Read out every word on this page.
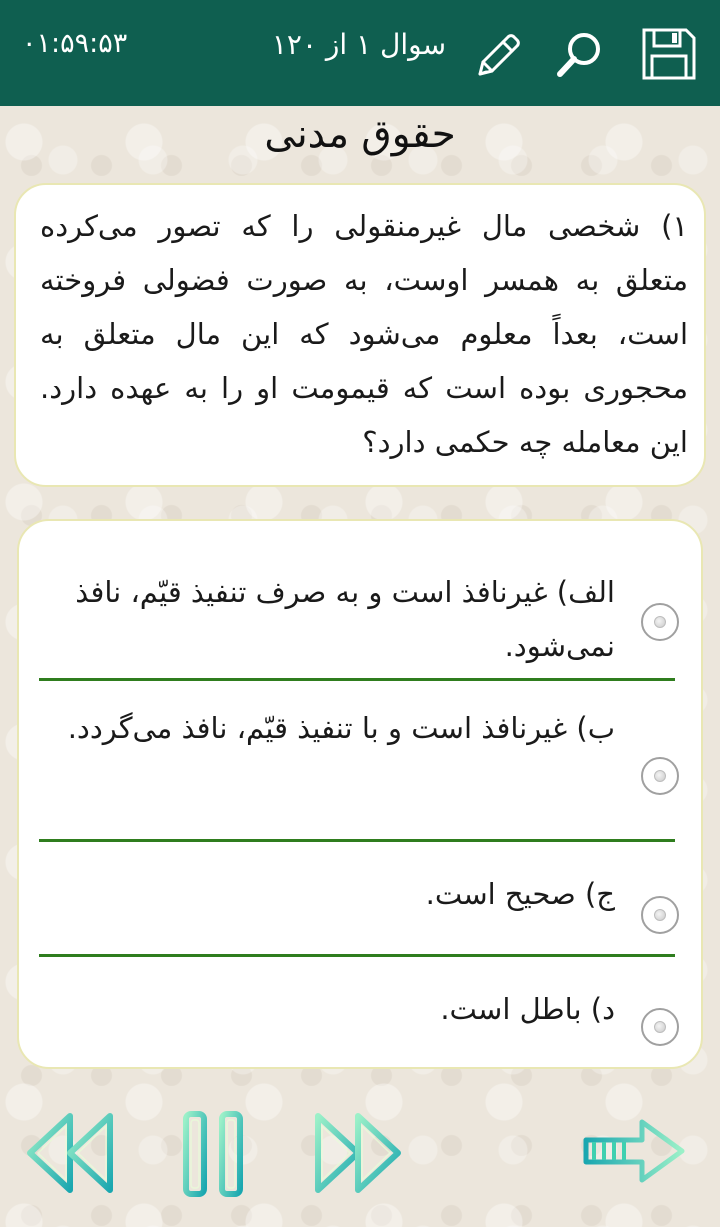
۰۱:۵۹:۵۳	سوال ۱ از ۱۲۰
حقوق مدنی
۱) شخصی مال غیرمنقولی را که تصور می‌کرده متعلق به همسر اوست، به صورت فضولی فروخته است، بعداً معلوم می‌شود که این مال متعلق به محجوری بوده است که قیمومت او را به عهده دارد. این معامله چه حکمی دارد؟
الف) غیرنافذ است و به صرف تنفیذ قیّم، نافذ نمی‌شود.
ب) غیرنافذ است و با تنفیذ قیّم، نافذ می‌گردد.
ج) صحیح است.
د) باطل است.
